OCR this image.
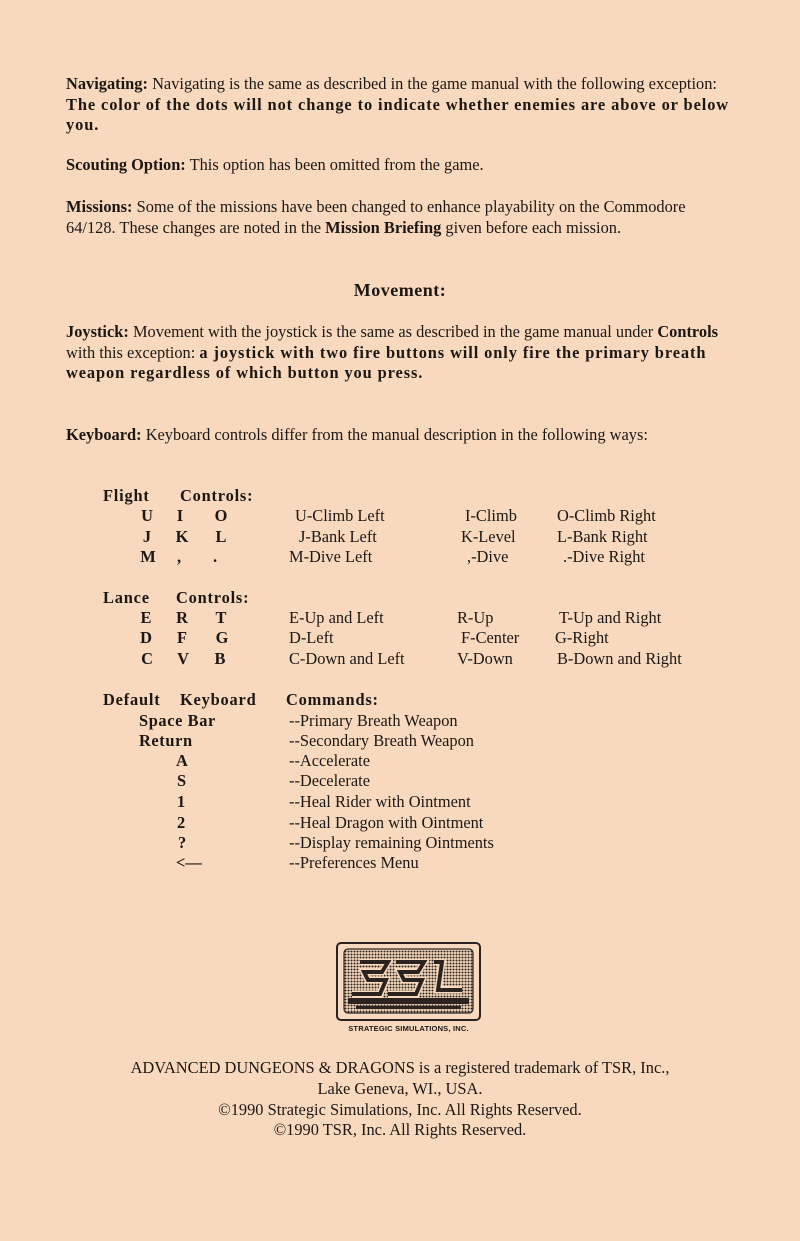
Navigating: Navigating is the same as described in the game manual with the following exception: The color of the dots will not change to indicate whether enemies are above or below you.

Scouting Option: This option has been omitted from the game.

Missions: Some of the missions have been changed to enhance playability on the Commodore 64/128. These changes are noted in the Mission Briefing given before each mission.

Movement:

Joystick: Movement with the joystick is the same as described in the game manual under Controls with this exception: a joystick with two fire buttons will only fire the primary breath weapon regardless of which button you press.

Keyboard: Keyboard controls differ from the manual description in the following ways:

Flight Controls:
U	I	O	U-Climb Left	I-Climb O-Climb Right
J	K	L	J-Bank Left	K-Level	L-Bank Right
M	,	.	M-Dive Left	,-Dive	.-Dive Right
Lance Controls:
E	R	T	E-Up and Left	R-Up	T-Up and Right
D	F	G	D-Left	F-Center G-Right
C	V	B	C-Down and Left	V-Down	B-Down and Right
Default Keyboard Commands:
Space Bar	--Primary Breath Weapon
Return	--Secondary Breath Weapon
A	--Accelerate
S	--Decelerate
1	--Heal Rider with Ointment
2	--Heal Dragon with Ointment
?	--Display remaining Ointments
<—	--Preferences Menu
STRATEGIC SIMULATIONS, INC.
ADVANCED DUNGEONS & DRAGONS is a registered trademark of TSR, Inc.,
Lake Geneva, WI., USA.
©1990 Strategic Simulations, Inc. All Rights Reserved.
©1990 TSR, Inc. All Rights Reserved.
